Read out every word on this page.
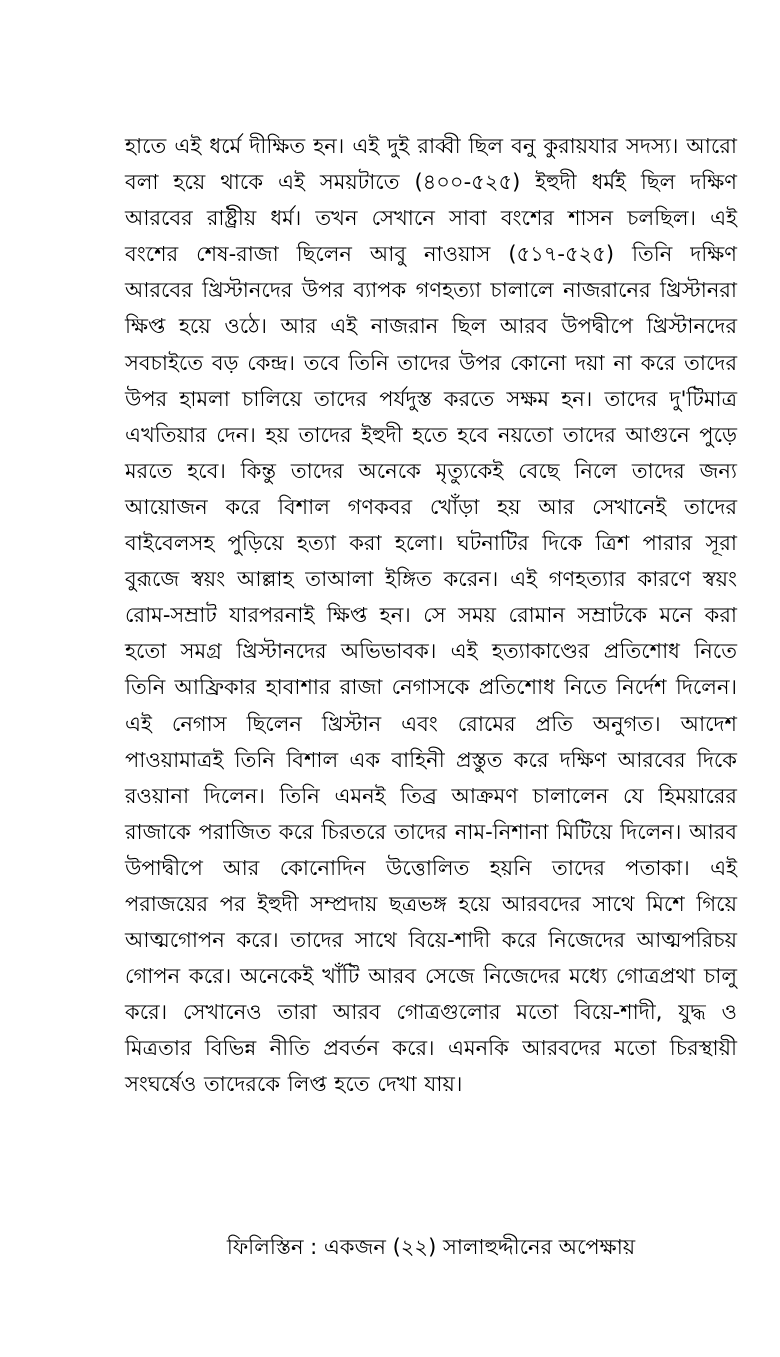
হাতে এই ধর্মে দীক্ষিত হন। এই দুই রাব্বী ছিল বনু কুরায়যার সদস্য। আরো বলা হয়ে থাকে এই সময়টাতে (৪০০-৫২৫) ইহুদী ধর্মই ছিল দক্ষিণ আরবের রাষ্ট্রীয় ধর্ম। তখন সেখানে সাবা বংশের শাসন চলছিল। এই বংশের শেষ-রাজা ছিলেন আবু নাওয়াস (৫১৭-৫২৫) তিনি দক্ষিণ আরবের খ্রিস্টানদের উপর ব্যাপক গণহত্যা চালালে নাজরানের খ্রিস্টানরা ক্ষিপ্ত হয়ে ওঠে। আর এই নাজরান ছিল আরব উপদ্বীপে খ্রিস্টানদের সবচাইতে বড় কেন্দ্র। তবে তিনি তাদের উপর কোনো দয়া না করে তাদের উপর হামলা চালিয়ে তাদের পর্যদুস্ত করতে সক্ষম হন। তাদের দু'টিমাত্র এখতিয়ার দেন। হয় তাদের ইহুদী হতে হবে নয়তো তাদের আগুনে পুড়ে মরতে হবে। কিন্তু তাদের অনেকে মৃত্যুকেই বেছে নিলে তাদের জন্য আয়োজন করে বিশাল গণকবর খোঁড়া হয় আর সেখানেই তাদের বাইবেলসহ পুড়িয়ে হত্যা করা হলো। ঘটনাটির দিকে ত্রিশ পারার সূরা বুরূজে স্বয়ং আল্লাহ তাআলা ইঙ্গিত করেন। এই গণহত্যার কারণে স্বয়ং রোম-সম্রাট যারপরনাই ক্ষিপ্ত হন। সে সময় রোমান সম্রাটকে মনে করা হতো সমগ্র খ্রিস্টানদের অভিভাবক। এই হত্যাকাণ্ডের প্রতিশোধ নিতে তিনি আফ্রিকার হাবাশার রাজা নেগাসকে প্রতিশোধ নিতে নির্দেশ দিলেন। এই নেগাস ছিলেন খ্রিস্টান এবং রোমের প্রতি অনুগত। আদেশ পাওয়ামাত্রই তিনি বিশাল এক বাহিনী প্রস্তুত করে দক্ষিণ আরবের দিকে রওয়ানা দিলেন। তিনি এমনই তিব্র আক্রমণ চালালেন যে হিময়ারের রাজাকে পরাজিত করে চিরতরে তাদের নাম-নিশানা মিটিয়ে দিলেন। আরব উপাদ্বীপে আর কোনোদিন উত্তোলিত হয়নি তাদের পতাকা। এই পরাজয়ের পর ইহুদী সম্প্রদায় ছত্রভঙ্গ হয়ে আরবদের সাথে মিশে গিয়ে আত্মগোপন করে। তাদের সাথে বিয়ে-শাদী করে নিজেদের আত্মপরিচয় গোপন করে। অনেকেই খাঁটি আরব সেজে নিজেদের মধ্যে গোত্রপ্রথা চালু করে। সেখানেও তারা আরব গোত্রগুলোর মতো বিয়ে-শাদী, যুদ্ধ ও মিত্রতার বিভিন্ন নীতি প্রবর্তন করে। এমনকি আরবদের মতো চিরস্থায়ী সংঘর্ষেও তাদেরকে লিপ্ত হতে দেখা যায়।

ফিলিস্তিন : একজন (২২) সালাহুদ্দীনের অপেক্ষায়
